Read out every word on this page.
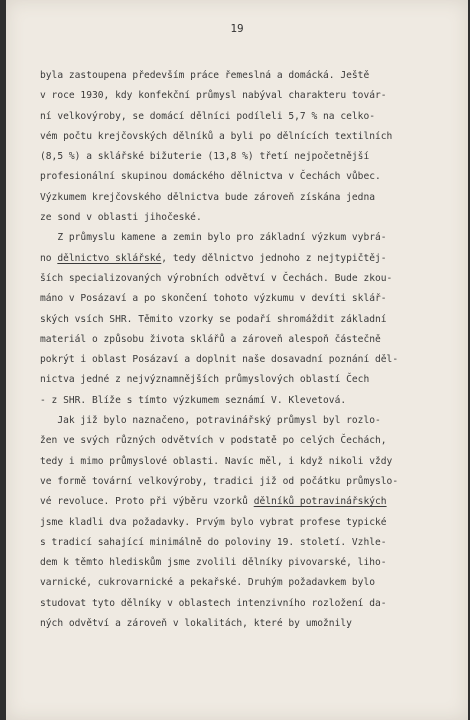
19
byla zastoupena především práce řemeslná a domácká. Ještě
v roce 1930, kdy konfekční průmysl nabýval charakteru továr-
ní velkovýroby, se domácí dělníci podíleli 5,7 % na celko-
vém počtu krejčovských dělníků a byli po dělnících textilních
(8,5 %) a sklářské bižuterie (13,8 %) třetí nejpočetnější
profesionální skupinou domáckého dělnictva v Čechách vůbec.
Výzkumem krejčovského dělnictva bude zároveň získána jedna
ze sond v oblasti jihočeské.
Z průmyslu kamene a zemin bylo pro základní výzkum vybrá-
no dělnictvo sklářské, tedy dělnictvo jednoho z nejtypičtěj-
ších specializovaných výrobních odvětví v Čechách. Bude zkou-
máno v Posázaví a po skončení tohoto výzkumu v devíti sklář-
ských vsích SHR. Těmito vzorky se podaří shromáždit základní
materiál o způsobu života sklářů a zároveň alespoň částečně
pokrýt i oblast Posázaví a doplnit naše dosavadní poznání děl-
nictva jedné z nejvýznamnějších průmyslových oblastí Čech
- z SHR. Blíže s tímto výzkumem seznámí V. Klevetová.
Jak již bylo naznačeno, potravinářský průmysl byl rozlo-
žen ve svých různých odvětvích v podstatě po celých Čechách,
tedy i mimo průmyslové oblasti. Navíc měl, i když nikoli vždy
ve formě tovární velkovýroby, tradici již od počátku průmyslo-
vé revoluce. Proto při výběru vzorků dělníků potravinářských
jsme kladli dva požadavky. Prvým bylo vybrat profese typické
s tradicí sahající minimálně do poloviny 19. století. Vzhle-
dem k těmto hlediskům jsme zvolili dělníky pivovarské, liho-
varnické, cukrovarnické a pekařské. Druhým požadavkem bylo
studovat tyto dělníky v oblastech intenzivního rozložení da-
ných odvětví a zároveň v lokalitách, které by umožnily
